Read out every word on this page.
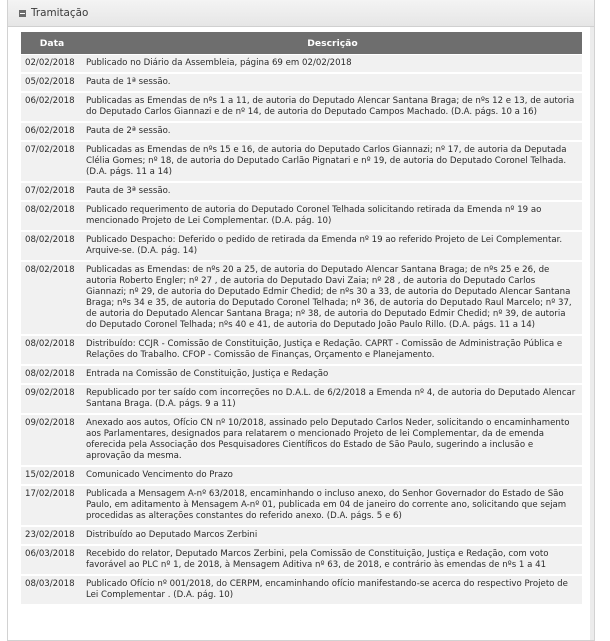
Tramitação
Data	Descrição
02/02/2018	Publicado no Diário da Assembleia, página 69 em 02/02/2018
05/02/2018	Pauta de 1ª sessão.
06/02/2018	Publicadas as Emendas de nºs 1 a 11, de autoria do Deputado Alencar Santana Braga; de nºs 12 e 13, de autoria do Deputado Carlos Giannazi e de nº 14, de autoria do Deputado Campos Machado. (D.A. págs. 10 a 16)
06/02/2018	Pauta de 2ª sessão.
07/02/2018	Publicadas as Emendas de nºs 15 e 16, de autoria do Deputado Carlos Giannazi; nº 17, de autoria da Deputada Clélia Gomes; nº 18, de autoria do Deputado Carlão Pignatari e nº 19, de autoria do Deputado Coronel Telhada. (D.A. págs. 11 a 14)
07/02/2018	Pauta de 3ª sessão.
08/02/2018	Publicado requerimento de autoria do Deputado Coronel Telhada solicitando retirada da Emenda nº 19 ao mencionado Projeto de Lei Complementar. (D.A. pág. 10)
08/02/2018	Publicado Despacho: Deferido o pedido de retirada da Emenda nº 19 ao referido Projeto de Lei Complementar. Arquive-se. (D.A. pág. 14)
08/02/2018	Publicadas as Emendas: de nºs 20 a 25, de autoria do Deputado Alencar Santana Braga; de nºs 25 e 26, de autoria Roberto Engler; nº 27 , de autoria do Deputado Davi Zaia; nº 28 , de autoria do Deputado Carlos Giannazi; nº 29, de autoria do Deputado Edmir Chedid; de nºs 30 a 33, de autoria do Deputado Alencar Santana Braga; nºs 34 e 35, de autoria do Deputado Coronel Telhada; nº 36, de autoria do Deputado Raul Marcelo; nº 37, de autoria do Deputado Alencar Santana Braga; nº 38, de autoria do Deputado Edmir Chedid; nº 39, de autoria do Deputado Coronel Telhada; nºs 40 e 41, de autoria do Deputado João Paulo Rillo. (D.A. págs. 11 a 14)
08/02/2018	Distribuído: CCJR - Comissão de Constituição, Justiça e Redação. CAPRT - Comissão de Administração Pública e Relações do Trabalho. CFOP - Comissão de Finanças, Orçamento e Planejamento.
08/02/2018	Entrada na Comissão de Constituição, Justiça e Redação
09/02/2018	Republicado por ter saído com incorreções no D.A.L. de 6/2/2018 a Emenda nº 4, de autoria do Deputado Alencar Santana Braga. (D.A. págs. 9 a 11)
09/02/2018	Anexado aos autos, Ofício CN nº 10/2018, assinado pelo Deputado Carlos Neder, solicitando o encaminhamento aos Parlamentares, designados para relatarem o mencionado Projeto de lei Complementar, da de emenda oferecida pela Associação dos Pesquisadores Científicos do Estado de São Paulo, sugerindo a inclusão e aprovação da mesma.
15/02/2018	Comunicado Vencimento do Prazo
17/02/2018	Publicada a Mensagem A-nº 63/2018, encaminhando o incluso anexo, do Senhor Governador do Estado de São Paulo, em aditamento à Mensagem A-nº 01, publicada em 04 de janeiro do corrente ano, solicitando que sejam procedidas as alterações constantes do referido anexo. (D.A. págs. 5 e 6)
23/02/2018	Distribuído ao Deputado Marcos Zerbini
06/03/2018	Recebido do relator, Deputado Marcos Zerbini, pela Comissão de Constituição, Justiça e Redação, com voto favorável ao PLC nº 1, de 2018, à Mensagem Aditiva nº 63, de 2018, e contrário às emendas de nºs 1 a 41
08/03/2018	Publicado Ofício nº 001/2018, do CERPM, encaminhando ofício manifestando-se acerca do respectivo Projeto de Lei Complementar . (D.A. pág. 10)
